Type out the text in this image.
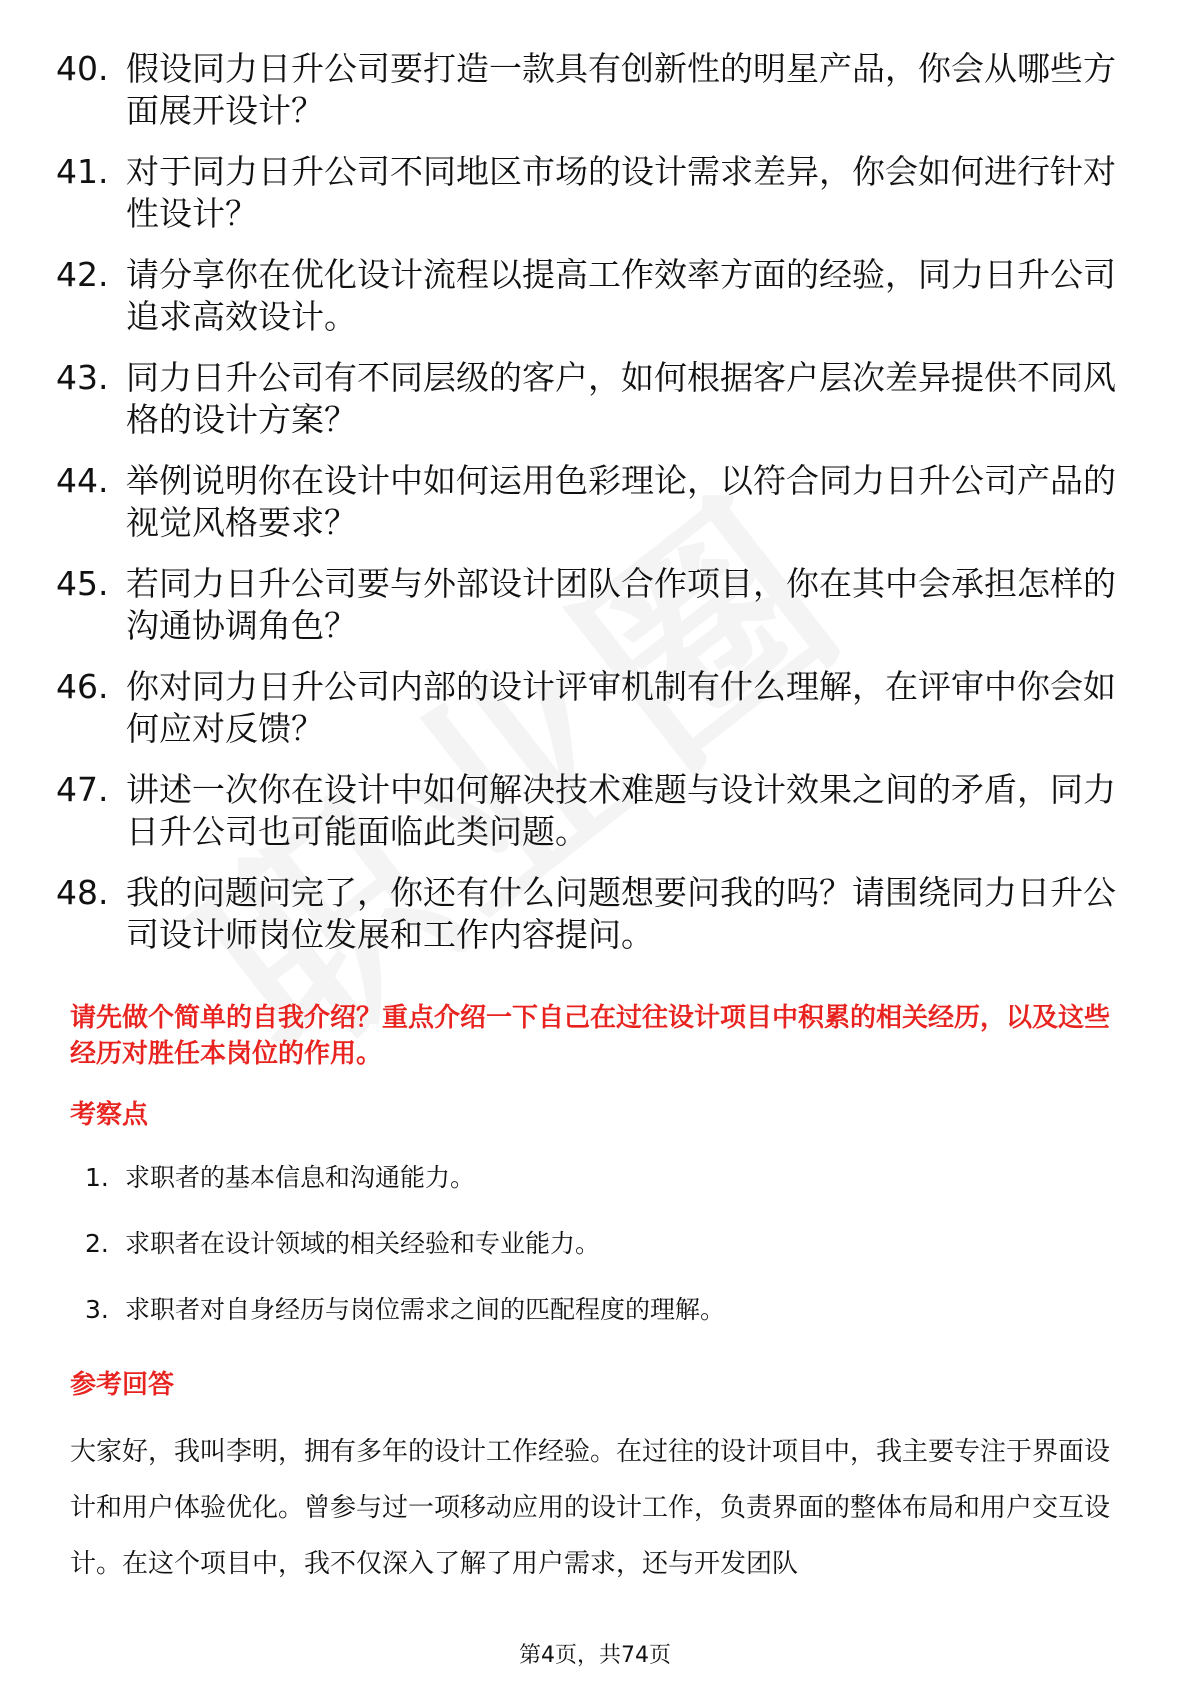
40. 假设同力日升公司要打造一款具有创新性的明星产品，你会从哪些方面展开设计？
41. 对于同力日升公司不同地区市场的设计需求差异，你会如何进行针对性设计？
42. 请分享你在优化设计流程以提高工作效率方面的经验，同力日升公司追求高效设计。
43. 同力日升公司有不同层级的客户，如何根据客户层次差异提供不同风格的设计方案？
44. 举例说明你在设计中如何运用色彩理论，以符合同力日升公司产品的视觉风格要求？
45. 若同力日升公司要与外部设计团队合作项目，你在其中会承担怎样的沟通协调角色？
46. 你对同力日升公司内部的设计评审机制有什么理解，在评审中你会如何应对反馈？
47. 讲述一次你在设计中如何解决技术难题与设计效果之间的矛盾，同力日升公司也可能面临此类问题。
48. 我的问题问完了，你还有什么问题想要问我的吗？请围绕同力日升公司设计师岗位发展和工作内容提问。
请先做个简单的自我介绍？重点介绍一下自己在过往设计项目中积累的相关经历，以及这些经历对胜任本岗位的作用。
考察点
1. 求职者的基本信息和沟通能力。
2. 求职者在设计领域的相关经验和专业能力。
3. 求职者对自身经历与岗位需求之间的匹配程度的理解。
参考回答
大家好，我叫李明，拥有多年的设计工作经验。在过往的设计项目中，我主要专注于界面设计和用户体验优化。曾参与过一项移动应用的设计工作，负责界面的整体布局和用户交互设计。在这个项目中，我不仅深入了解了用户需求，还与开发团队
第4页，共74页
